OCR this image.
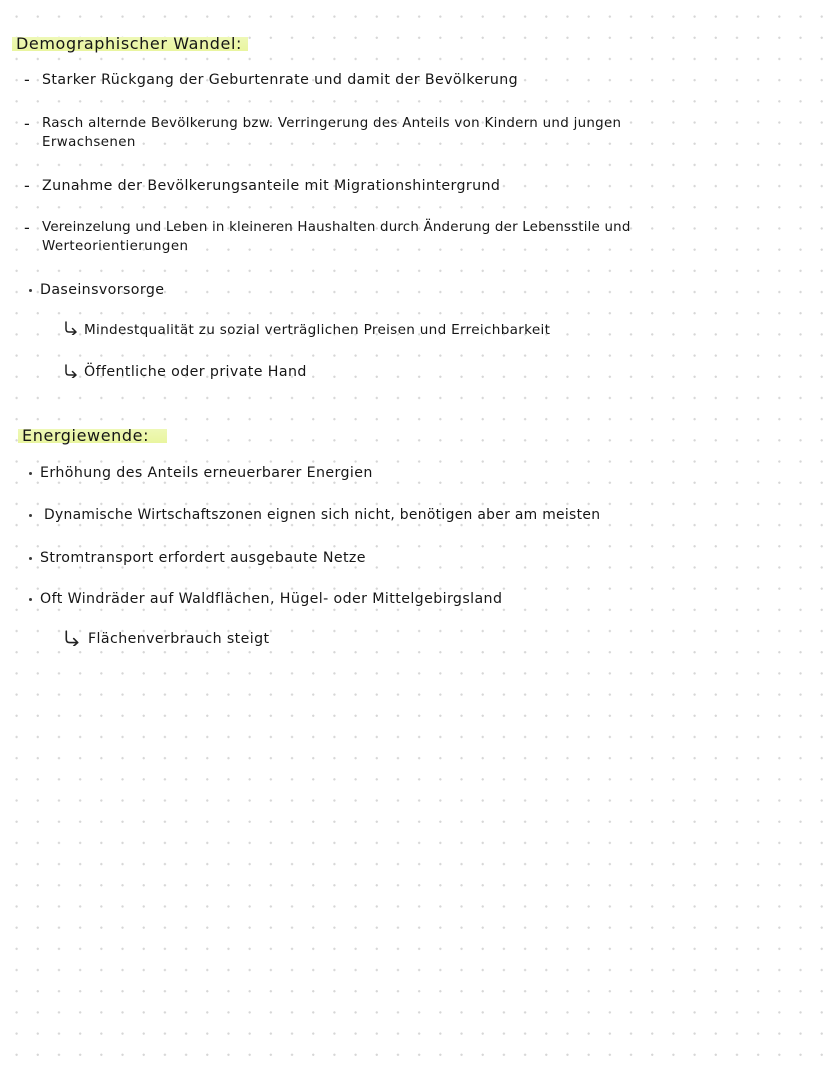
Demographischer Wandel:
- Starker Rückgang der Geburtenrate und damit der Bevölkerung
- Rasch alternde Bevölkerung bzw. Verringerung des Anteils von Kindern und jungen
Erwachsenen
- Zunahme der Bevölkerungsanteile mit Migrationshintergrund
- Vereinzelung und Leben in kleineren Haushalten durch Änderung der Lebensstile und
Werteorientierungen
Daseinsvorsorge
Mindestqualität zu sozial verträglichen Preisen und Erreichbarkeit
Öffentliche oder private Hand
Energiewende:
Erhöhung des Anteils erneuerbarer Energien
Dynamische Wirtschaftszonen eignen sich nicht, benötigen aber am meisten
Stromtransport erfordert ausgebaute Netze
Oft Windräder auf Waldflächen, Hügel- oder Mittelgebirgsland
Flächenverbrauch steigt
